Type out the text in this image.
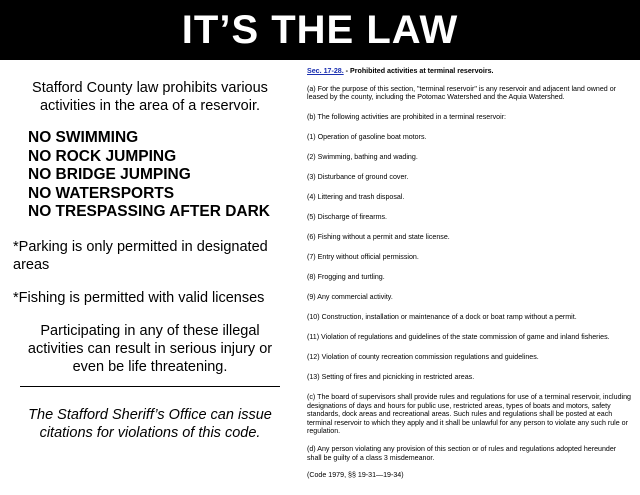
IT’S THE LAW
Stafford County law prohibits various activities in the area of a reservoir.
NO SWIMMING
NO ROCK JUMPING
NO BRIDGE JUMPING
NO WATERSPORTS
NO TRESPASSING AFTER DARK
*Parking is only permitted in designated areas
*Fishing is permitted with valid licenses
Participating in any of these illegal activities can result in serious injury or even be life threatening.
The Stafford Sheriff’s Office can issue citations for violations of this code.
Sec. 17-28. - Prohibited activities at terminal reservoirs.

(a) For the purpose of this section, "terminal reservoir" is any reservoir and adjacent land owned or leased by the county, including the Potomac Watershed and the Aquia Watershed.

(b) The following activities are prohibited in a terminal reservoir:

(1) Operation of gasoline boat motors.

(2) Swimming, bathing and wading.

(3) Disturbance of ground cover.

(4) Littering and trash disposal.

(5) Discharge of firearms.

(6) Fishing without a permit and state license.

(7) Entry without official permission.

(8) Frogging and turtling.

(9) Any commercial activity.

(10) Construction, installation or maintenance of a dock or boat ramp without a permit.

(11) Violation of regulations and guidelines of the state commission of game and inland fisheries.

(12) Violation of county recreation commission regulations and guidelines.

(13) Setting of fires and picnicking in restricted areas.

(c) The board of supervisors shall provide rules and regulations for use of a terminal reservoir, including designations of days and hours for public use, restricted areas, types of boats and motors, safety standards, dock areas and recreational areas. Such rules and regulations shall be posted at each terminal reservoir to which they apply and it shall be unlawful for any person to violate any such rule or regulation.

(d) Any person violating any provision of this section or of rules and regulations adopted hereunder shall be guilty of a class 3 misdemeanor.

(Code 1979, §§ 19-31—19-34)
